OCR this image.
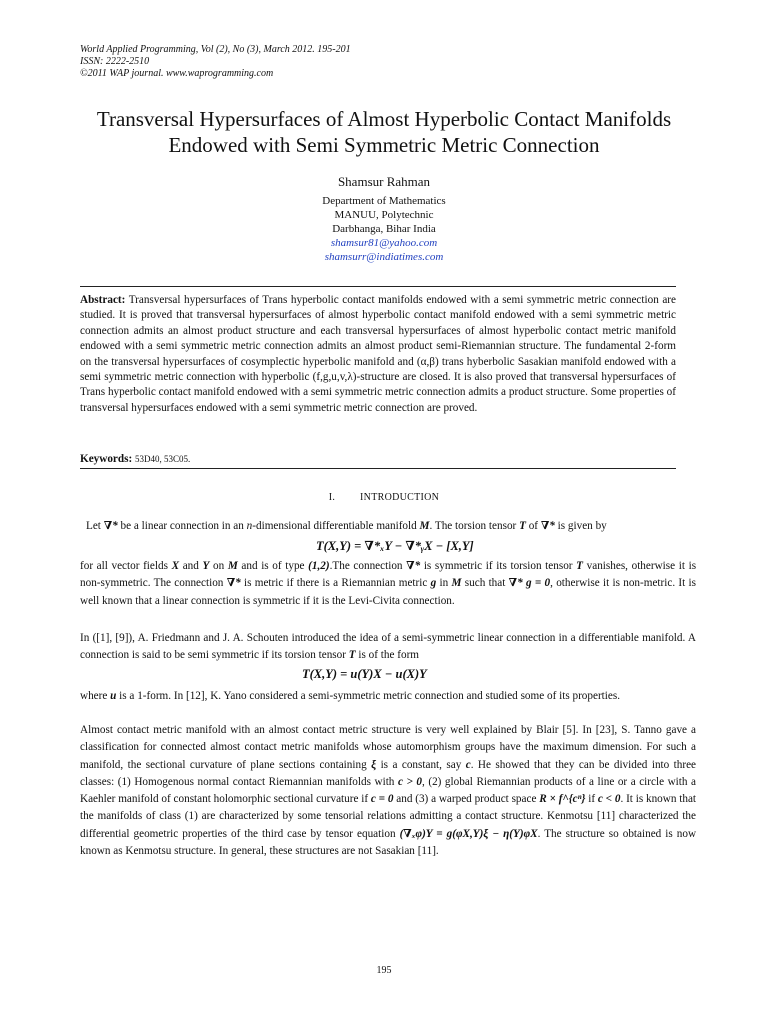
World Applied Programming, Vol (2), No (3), March 2012. 195-201
ISSN: 2222-2510
©2011 WAP journal. www.waprogramming.com
Transversal Hypersurfaces of Almost Hyperbolic Contact Manifolds Endowed with Semi Symmetric Metric Connection
Shamsur Rahman
Department of Mathematics
MANUU, Polytechnic
Darbhanga, Bihar India
shamsur81@yahoo.com
shamsurr@indiatimes.com
Abstract: Transversal hypersurfaces of Trans hyperbolic contact manifolds endowed with a semi symmetric metric connection are studied. It is proved that transversal hypersurfaces of almost hyperbolic contact manifold endowed with a semi symmetric metric connection admits an almost product structure and each transversal hypersurfaces of almost hyperbolic contact metric manifold endowed with a semi symmetric metric connection admits an almost product semi-Riemannian structure. The fundamental 2-form on the transversal hypersurfaces of cosymplectic hyperbolic manifold and (α,β) trans hyberbolic Sasakian manifold endowed with a semi symmetric metric connection with hyperbolic (f,g,u,v,λ)-structure are closed. It is also proved that transversal hypersurfaces of Trans hyperbolic contact manifold endowed with a semi symmetric metric connection admits a product structure. Some properties of transversal hypersurfaces endowed with a semi symmetric metric connection are proved.
Keywords: 53D40, 53C05.
I. INTRODUCTION
Let ∇* be a linear connection in an n-dimensional differentiable manifold M. The torsion tensor T of ∇* is given by
T(X,Y) = ∇*ₓY − ∇*ᵧX − [X,Y]
for all vector fields X and Y on M and is of type (1,2).The connection ∇* is symmetric if its torsion tensor T vanishes, otherwise it is non-symmetric. The connection ∇* is metric if there is a Riemannian metric g in M such that ∇* g = 0, otherwise it is non-metric. It is well known that a linear connection is symmetric if it is the Levi-Civita connection.
In ([1], [9]), A. Friedmann and J. A. Schouten introduced the idea of a semi-symmetric linear connection in a differentiable manifold. A connection is said to be semi symmetric if its torsion tensor T is of the form
T(X,Y) = u(Y)X − u(X)Y
where u is a 1-form. In [12], K. Yano considered a semi-symmetric metric connection and studied some of its properties.
Almost contact metric manifold with an almost contact metric structure is very well explained by Blair [5]. In [23], S. Tanno gave a classification for connected almost contact metric manifolds whose automorphism groups have the maximum dimension. For such a manifold, the sectional curvature of plane sections containing ξ is a constant, say c. He showed that they can be divided into three classes: (1) Homogenous normal contact Riemannian manifolds with c > 0, (2) global Riemannian products of a line or a circle with a Kaehler manifold of constant holomorphic sectional curvature if c = 0 and (3) a warped product space R × f^{cⁿ} if c < 0. It is known that the manifolds of class (1) are characterized by some tensorial relations admitting a contact structure. Kenmotsu [11] characterized the differential geometric properties of the third case by tensor equation (∇ₓφ)Y = g(φX,Y)ξ − η(Y)φX. The structure so obtained is now known as Kenmotsu structure. In general, these structures are not Sasakian [11].
195
